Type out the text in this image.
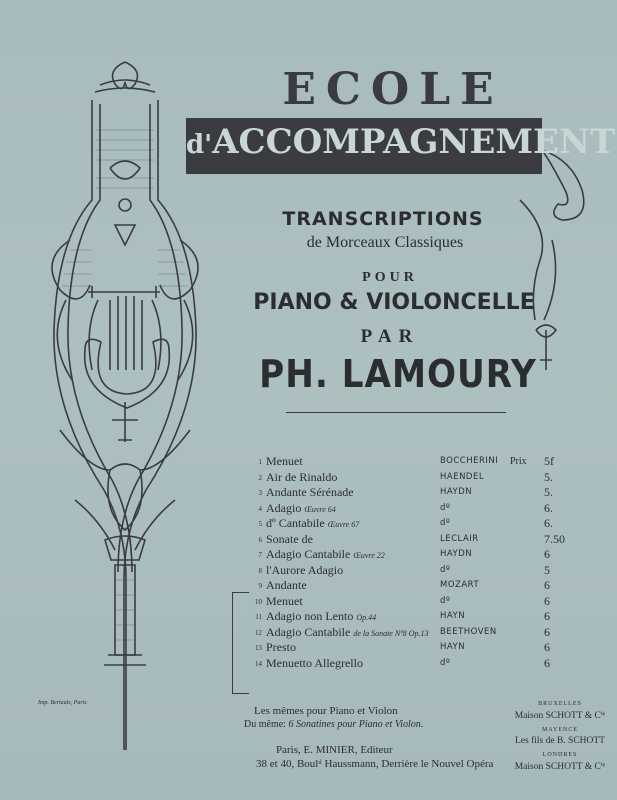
ECOLE
d'ACCOMPAGNEMENT
TRANSCRIPTIONS
de Morceaux Classiques
POUR
PIANO & VIOLONCELLE
PAR
PH. LAMOURY
1 Menuet	BOCCHERINI	Prix 5f
2 Air de Rinaldo	HAENDEL	5.
3 Andante Sérénade	HAYDN	5.
4 Adagio Œuvre 64	dº	6.
5 dº Cantabile Œuvre 67	dº	6.
6 Sonate de	LECLAIR	7.50
7 Adagio Cantabile Œuvre 22	HAYDN	6
8 l'Aurore Adagio	dº	5
9 Andante	MOZART	6
10 Menuet	dº	6
11 Adagio non Lento Op.44	HAYN	6
12 Adagio Cantabile de la Sonate Nº8 Op.13 BEETHOVEN	6
13 Presto	HAYN	6
14 Menuetto Allegrello	dº	6
Imp. Bertauts, Paris
Les mêmes pour Piano et Violon
Du même: 6 Sonatines pour Piano et Violon.
Paris, E. MINIER, Editeur
38 et 40, Boulᵈ Haussmann, Derrière le Nouvel Opéra
BRUXELLES
Maison SCHOTT & Cⁱᵉ
MAYENCE
Les fils de B. SCHOTT
LONDRES
Maison SCHOTT & Cⁱᵉ
